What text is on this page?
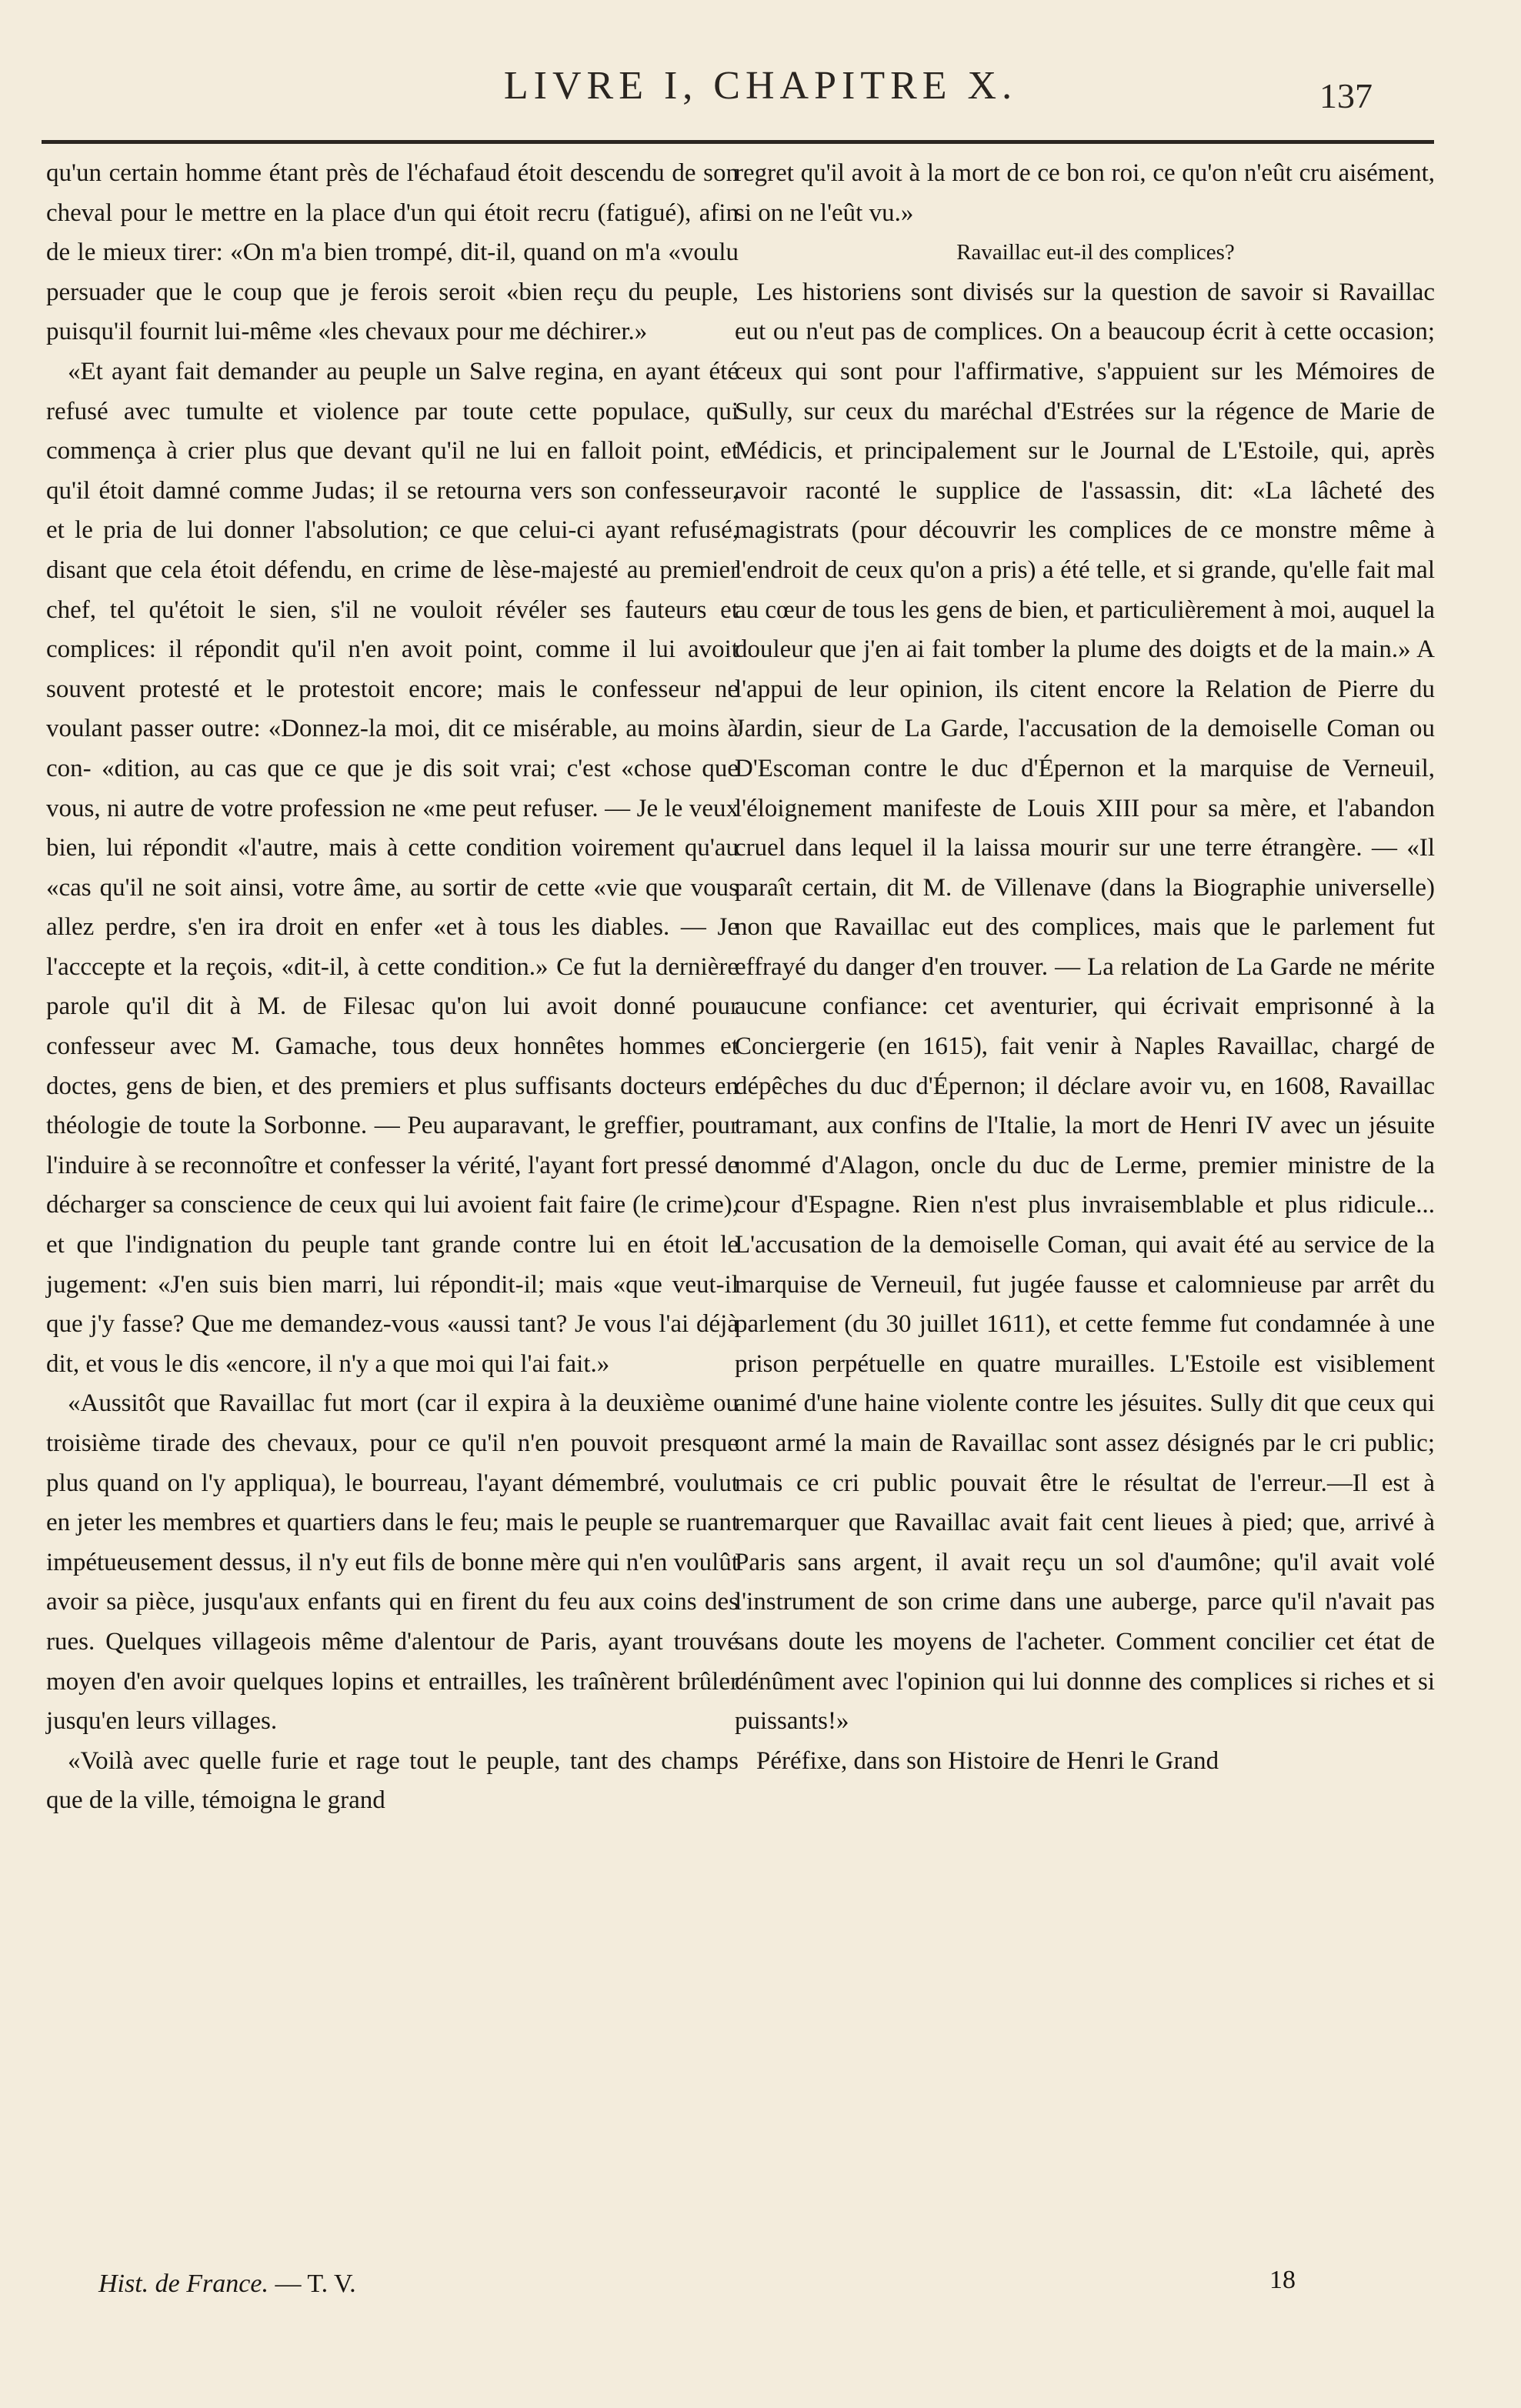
LIVRE I, CHAPITRE X.	137

qu'un certain homme étant près de l'échafaud étoit descendu de son cheval pour le mettre en la place d'un qui étoit recru (fatigué), afin de le mieux tirer: «On m'a bien trompé, dit-il, quand on m'a «voulu persuader que le coup que je ferois seroit «bien reçu du peuple, puisqu'il fournit lui-même «les chevaux pour me déchirer.»

«Et ayant fait demander au peuple un Salve regina, en ayant été refusé avec tumulte et violence par toute cette populace, qui commença à crier plus que devant qu'il ne lui en falloit point, et qu'il étoit damné comme Judas; il se retourna vers son confesseur, et le pria de lui donner l'absolution; ce que celui-ci ayant refusé, disant que cela étoit défendu, en crime de lèse-majesté au premier chef, tel qu'étoit le sien, s'il ne vouloit révéler ses fauteurs et complices: il répondit qu'il n'en avoit point, comme il lui avoit souvent protesté et le protestoit encore; mais le confesseur ne voulant passer outre: «Donnez-la moi, dit ce misérable, au moins à con- «dition, au cas que ce que je dis soit vrai; c'est «chose que vous, ni autre de votre profession ne «me peut refuser. — Je le veux bien, lui répondit «l'autre, mais à cette condition voirement qu'au «cas qu'il ne soit ainsi, votre âme, au sortir de cette «vie que vous allez perdre, s'en ira droit en enfer «et à tous les diables. — Je l'acccepte et la reçois, «dit-il, à cette condition.» Ce fut la dernière parole qu'il dit à M. de Filesac qu'on lui avoit donné pour confesseur avec M. Gamache, tous deux honnêtes hommes et doctes, gens de bien, et des premiers et plus suffisants docteurs en théologie de toute la Sorbonne. — Peu auparavant, le greffier, pour l'induire à se reconnoître et confesser la vérité, l'ayant fort pressé de décharger sa conscience de ceux qui lui avoient fait faire (le crime), et que l'indignation du peuple tant grande contre lui en étoit le jugement: «J'en suis bien marri, lui répondit-il; mais «que veut-il que j'y fasse? Que me demandez-vous «aussi tant? Je vous l'ai déjà dit, et vous le dis «encore, il n'y a que moi qui l'ai fait.»

«Aussitôt que Ravaillac fut mort (car il expira à la deuxième ou troisième tirade des chevaux, pour ce qu'il n'en pouvoit presque plus quand on l'y appliqua), le bourreau, l'ayant démembré, voulut en jeter les membres et quartiers dans le feu; mais le peuple se ruant impétueusement dessus, il n'y eut fils de bonne mère qui n'en voulût avoir sa pièce, jusqu'aux enfants qui en firent du feu aux coins des rues. Quelques villageois même d'alentour de Paris, ayant trouvé moyen d'en avoir quelques lopins et entrailles, les traînèrent brûler jusqu'en leurs villages.

«Voilà avec quelle furie et rage tout le peuple, tant des champs que de la ville, témoigna le grand

regret qu'il avoit à la mort de ce bon roi, ce qu'on n'eût cru aisément, si on ne l'eût vu.»

Ravaillac eut-il des complices?

Les historiens sont divisés sur la question de savoir si Ravaillac eut ou n'eut pas de complices. On a beaucoup écrit à cette occasion; ceux qui sont pour l'affirmative, s'appuient sur les Mémoires de Sully, sur ceux du maréchal d'Estrées sur la régence de Marie de Médicis, et principalement sur le Journal de L'Estoile, qui, après avoir raconté le supplice de l'assassin, dit: «La lâcheté des magistrats (pour découvrir les complices de ce monstre même à l'endroit de ceux qu'on a pris) a été telle, et si grande, qu'elle fait mal au cœur de tous les gens de bien, et particulièrement à moi, auquel la douleur que j'en ai fait tomber la plume des doigts et de la main.» A l'appui de leur opinion, ils citent encore la Relation de Pierre du Jardin, sieur de La Garde, l'accusation de la demoiselle Coman ou D'Escoman contre le duc d'Épernon et la marquise de Verneuil, l'éloignement manifeste de Louis XIII pour sa mère, et l'abandon cruel dans lequel il la laissa mourir sur une terre étrangère. — «Il paraît certain, dit M. de Villenave (dans la Biographie universelle) non que Ravaillac eut des complices, mais que le parlement fut effrayé du danger d'en trouver. — La relation de La Garde ne mérite aucune confiance: cet aventurier, qui écrivait emprisonné à la Conciergerie (en 1615), fait venir à Naples Ravaillac, chargé de dépêches du duc d'Épernon; il déclare avoir vu, en 1608, Ravaillac tramant, aux confins de l'Italie, la mort de Henri IV avec un jésuite nommé d'Alagon, oncle du duc de Lerme, premier ministre de la cour d'Espagne. Rien n'est plus invraisemblable et plus ridicule... L'accusation de la demoiselle Coman, qui avait été au service de la marquise de Verneuil, fut jugée fausse et calomnieuse par arrêt du parlement (du 30 juillet 1611), et cette femme fut condamnée à une prison perpétuelle en quatre murailles. L'Estoile est visiblement animé d'une haine violente contre les jésuites. Sully dit que ceux qui ont armé la main de Ravaillac sont assez désignés par le cri public; mais ce cri public pouvait être le résultat de l'erreur.—Il est à remarquer que Ravaillac avait fait cent lieues à pied; que, arrivé à Paris sans argent, il avait reçu un sol d'aumône; qu'il avait volé l'instrument de son crime dans une auberge, parce qu'il n'avait pas sans doute les moyens de l'acheter. Comment concilier cet état de dénûment avec l'opinion qui lui donnne des complices si riches et si puissants!»

Péréfixe, dans son Histoire de Henri le Grand

Hist. de France. — T. V.	18
